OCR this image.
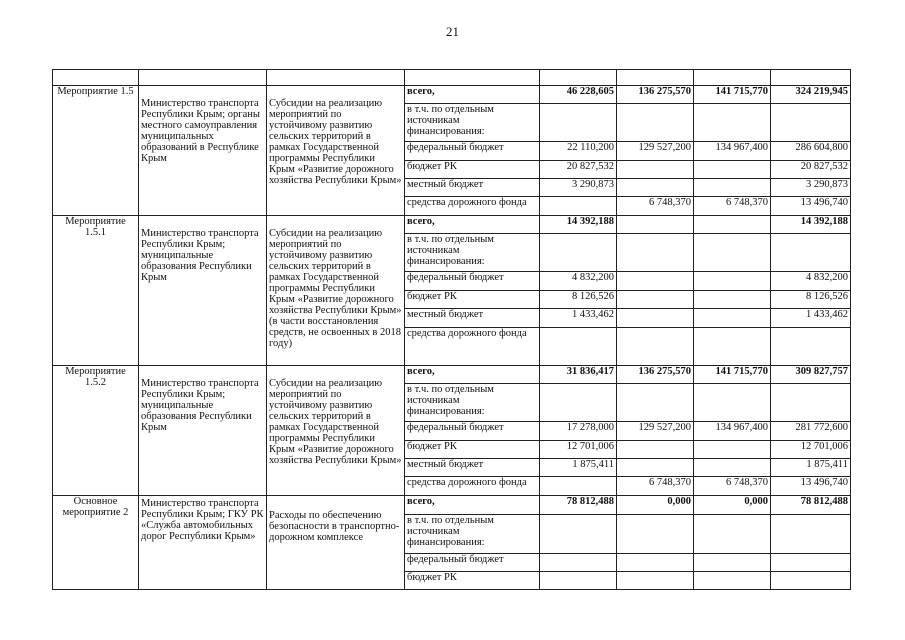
21

Мероприятие 1.5	Министерство транспорта Республики Крым; органы местного самоуправления муниципальных образований в Республике Крым	Субсидии на реализацию мероприятий по устойчивому развитию сельских территорий в рамках Государственной программы Республики Крым «Развитие дорожного хозяйства Республики Крым»	всего,	46 228,605	136 275,570	141 715,770	324 219,945
			в т.ч. по отдельным источникам финансирования:				
			федеральный бюджет	22 110,200	129 527,200	134 967,400	286 604,800
			бюджет РК	20 827,532			20 827,532
			местный бюджет	3 290,873			3 290,873
			средства дорожного фонда		6 748,370	6 748,370	13 496,740
Мероприятие 1.5.1	Министерство транспорта Республики Крым; муниципальные образования Республики Крым	Субсидии на реализацию мероприятий по устойчивому развитию сельских территорий в рамках Государственной программы Республики Крым «Развитие дорожного хозяйства Республики Крым» (в части восстановления средств, не освоенных в 2018 году)	всего,	14 392,188			14 392,188
			в т.ч. по отдельным источникам финансирования:				
			федеральный бюджет	4 832,200			4 832,200
			бюджет РК	8 126,526			8 126,526
			местный бюджет	1 433,462			1 433,462
			средства дорожного фонда				
Мероприятие 1.5.2	Министерство транспорта Республики Крым; муниципальные образования Республики Крым	Субсидии на реализацию мероприятий по устойчивому развитию сельских территорий в рамках Государственной программы Республики Крым «Развитие дорожного хозяйства Республики Крым»	всего,	31 836,417	136 275,570	141 715,770	309 827,757
			в т.ч. по отдельным источникам финансирования:				
			федеральный бюджет	17 278,000	129 527,200	134 967,400	281 772,600
			бюджет РК	12 701,006			12 701,006
			местный бюджет	1 875,411			1 875,411
			средства дорожного фонда		6 748,370	6 748,370	13 496,740
Основное мероприятие 2	Министерство транспорта Республики Крым; ГКУ РК «Служба автомобильных дорог Республики Крым»	Расходы по обеспечению безопасности в транспортно-дорожном комплексе	всего,	78 812,488	0,000	0,000	78 812,488
			в т.ч. по отдельным источникам финансирования:				
			федеральный бюджет				
			бюджет РК				
